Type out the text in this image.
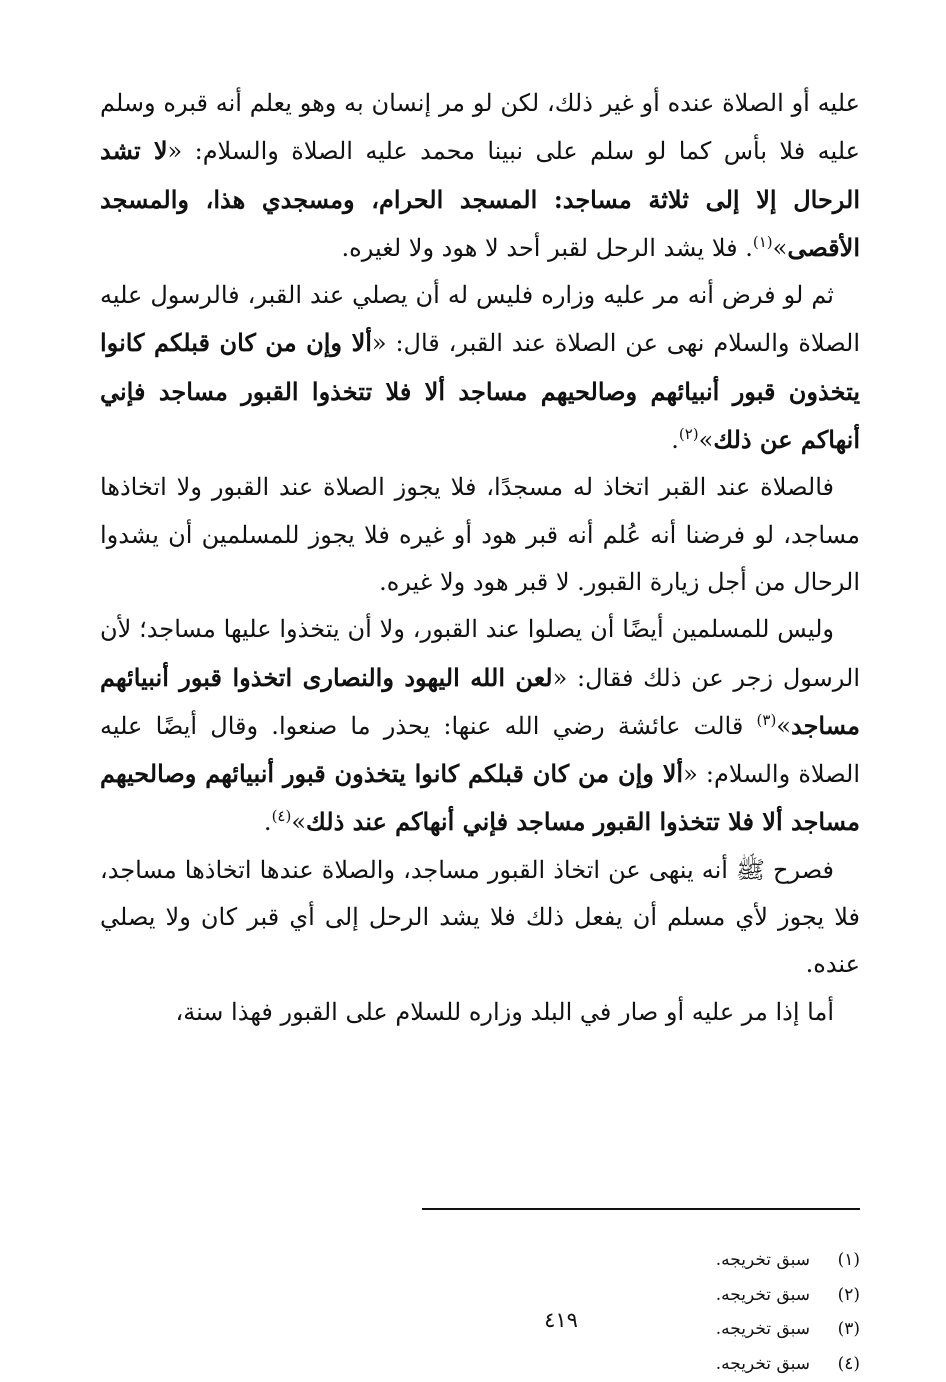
عليه أو الصلاة عنده أو غير ذلك، لكن لو مر إنسان به وهو يعلم أنه قبره وسلم عليه فلا بأس كما لو سلم على نبينا محمد عليه الصلاة والسلام: «لا تشد الرحال إلا إلى ثلاثة مساجد: المسجد الحرام، ومسجدي هذا، والمسجد الأقصى»$^{(١)}$. فلا يشد الرحل لقبر أحد لا هود ولا لغيره.

ثم لو فرض أنه مر عليه وزاره فليس له أن يصلي عند القبر، فالرسول عليه الصلاة والسلام نهى عن الصلاة عند القبر، قال: «ألا وإن من كان قبلكم كانوا يتخذون قبور أنبيائهم وصالحيهم مساجد ألا فلا تتخذوا القبور مساجد فإني أنهاكم عن ذلك»$^{(٢)}$.

فالصلاة عند القبر اتخاذ له مسجدًا، فلا يجوز الصلاة عند القبور ولا اتخاذها مساجد، لو فرضنا أنه عُلم أنه قبر هود أو غيره فلا يجوز للمسلمين أن يشدوا الرحال من أجل زيارة القبور. لا قبر هود ولا غيره.

وليس للمسلمين أيضًا أن يصلوا عند القبور، ولا أن يتخذوا عليها مساجد؛ لأن الرسول زجر عن ذلك فقال: «لعن الله اليهود والنصارى اتخذوا قبور أنبيائهم مساجد»$^{(٣)}$ قالت عائشة رضي الله عنها: يحذر ما صنعوا. وقال أيضًا عليه الصلاة والسلام: «ألا وإن من كان قبلكم كانوا يتخذون قبور أنبيائهم وصالحيهم مساجد ألا فلا تتخذوا القبور مساجد فإني أنهاكم عند ذلك»$^{(٤)}$.

فصرح ﷺ أنه ينهى عن اتخاذ القبور مساجد، والصلاة عندها اتخاذها مساجد، فلا يجوز لأي مسلم أن يفعل ذلك فلا يشد الرحل إلى أي قبر كان ولا يصلي عنده.

أما إذا مر عليه أو صار في البلد وزاره للسلام على القبور فهذا سنة،

(١)
سبق تخريجه.
(٢)
سبق تخريجه.
(٣)
سبق تخريجه.
(٤)
سبق تخريجه.
٤١٩
